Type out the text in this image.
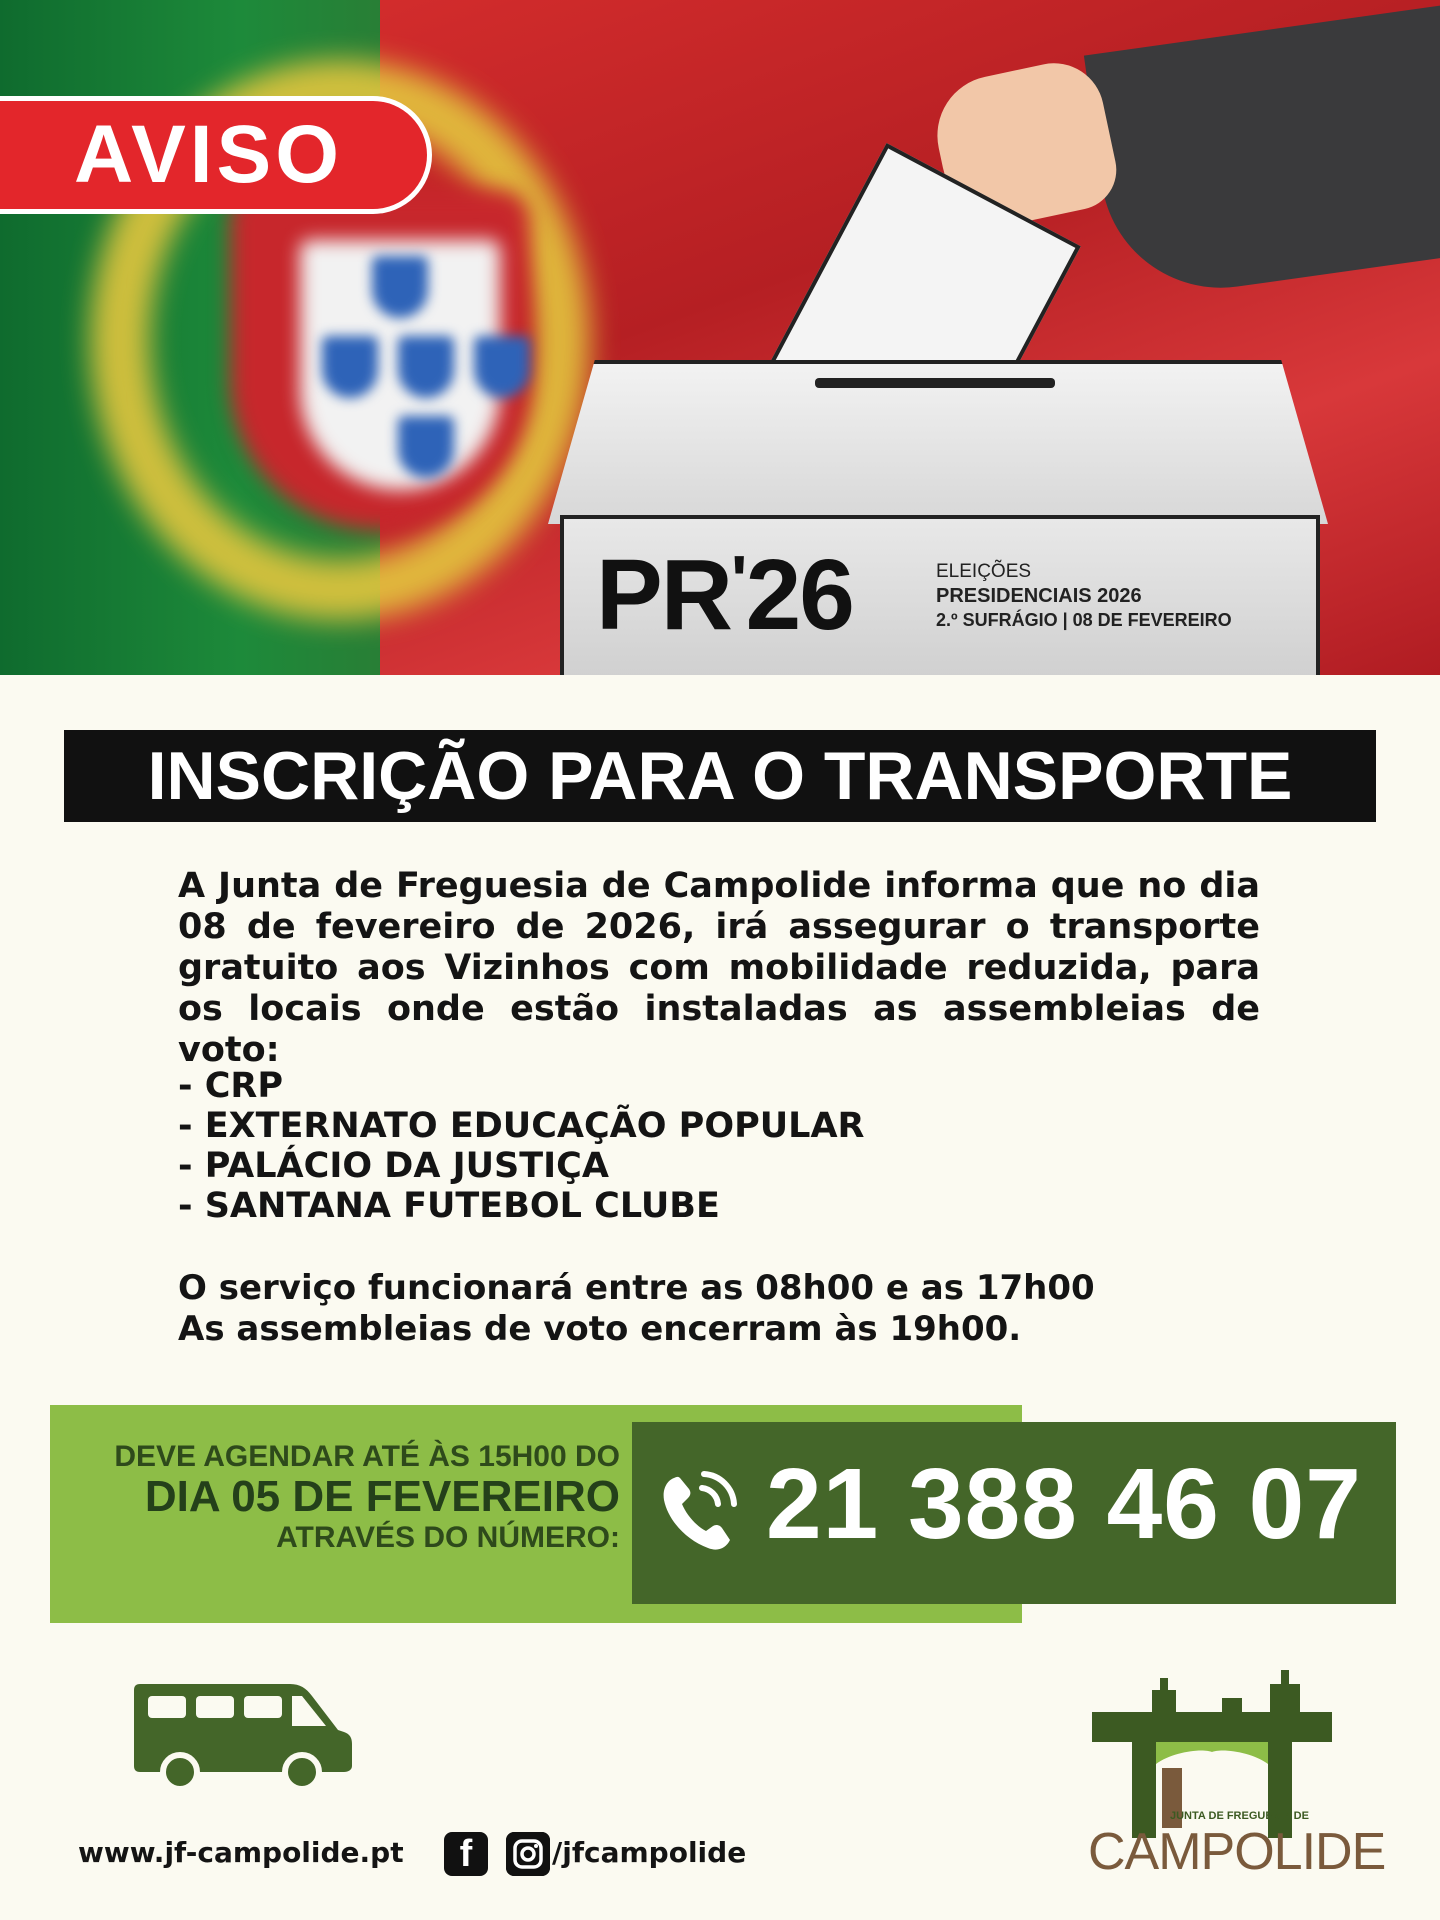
PR'26	ELEIÇÕES
PRESIDENCIAIS 2026
2.º SUFRÁGIO | 08 DE FEVEREIRO
AVISO
INSCRIÇÃO PARA O TRANSPORTE

A Junta de Freguesia de Campolide informa que no dia 08 de fevereiro de 2026, irá assegurar o transporte gratuito aos Vizinhos com mobilidade reduzida, para os locais onde estão instaladas as assembleias de voto:

- CRP
- EXTERNATO EDUCAÇÃO POPULAR
- PALÁCIO DA JUSTIÇA
- SANTANA FUTEBOL CLUBE
O serviço funcionará entre as 08h00 e as 17h00
As assembleias de voto encerram às 19h00.
DEVE AGENDAR ATÉ ÀS 15H00 DO
DIA 05 DE FEVEREIRO
ATRAVÉS DO NÚMERO: 21 388 46 07
www.jf-campolide.pt f	/jfcampolide
JUNTA DE FREGUESIA DE
CAMPOLIDE
